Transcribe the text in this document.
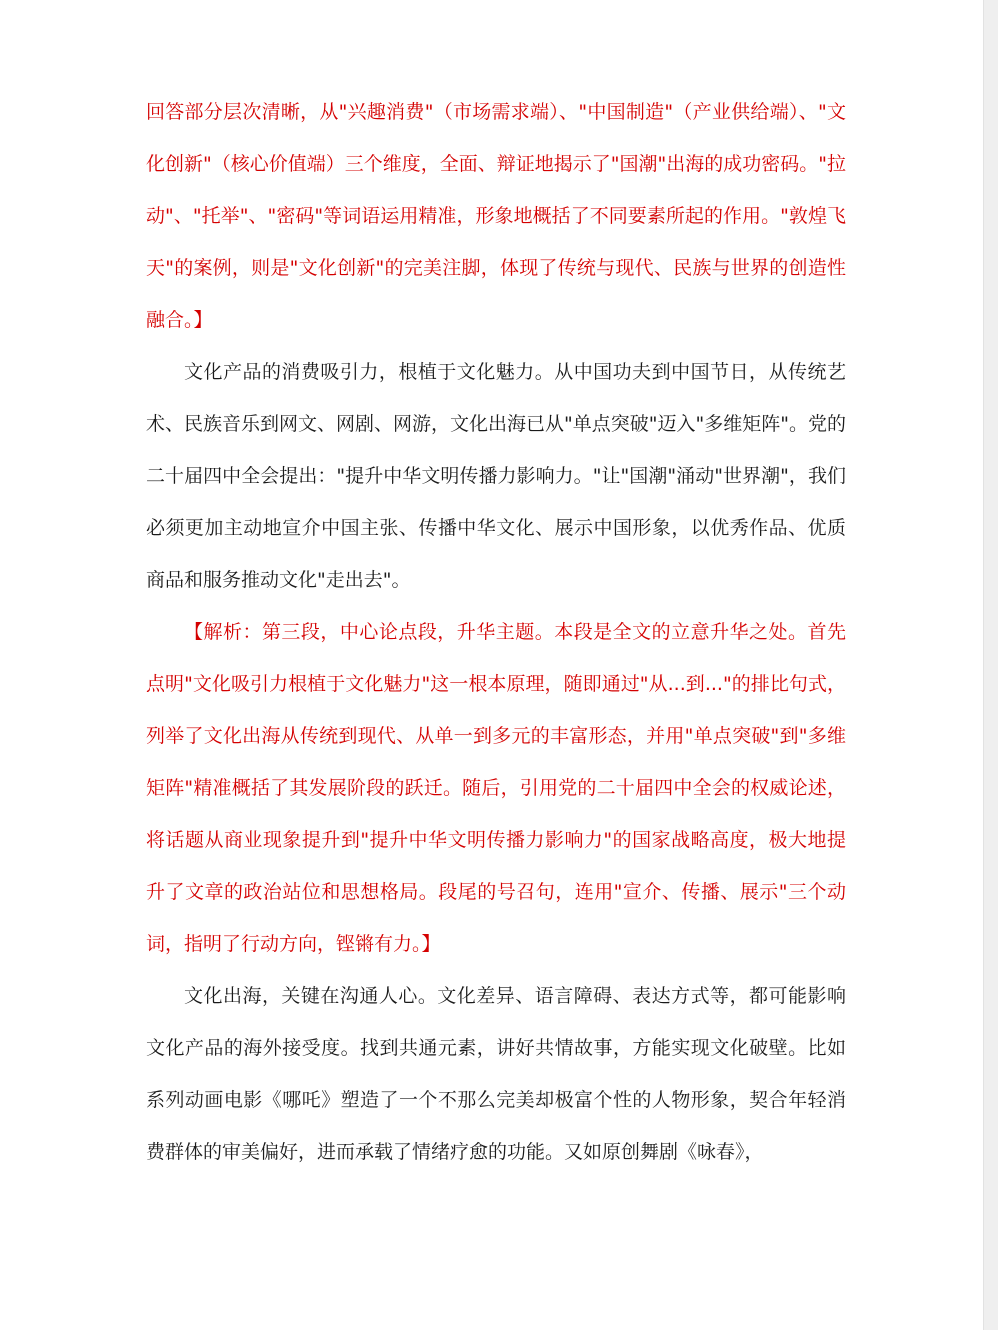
回答部分层次清晰，从"兴趣消费"（市场需求端）、"中国制造"（产业供给端）、"文化创新"（核心价值端）三个维度，全面、辩证地揭示了"国潮"出海的成功密码。"拉动"、"托举"、"密码"等词语运用精准，形象地概括了不同要素所起的作用。"敦煌飞天"的案例，则是"文化创新"的完美注脚，体现了传统与现代、民族与世界的创造性融合。】

文化产品的消费吸引力，根植于文化魅力。从中国功夫到中国节日，从传统艺术、民族音乐到网文、网剧、网游，文化出海已从"单点突破"迈入"多维矩阵"。党的二十届四中全会提出："提升中华文明传播力影响力。"让"国潮"涌动"世界潮"，我们必须更加主动地宣介中国主张、传播中华文化、展示中国形象，以优秀作品、优质商品和服务推动文化"走出去"。

【解析：第三段，中心论点段，升华主题。本段是全文的立意升华之处。首先点明"文化吸引力根植于文化魅力"这一根本原理，随即通过"从...到..."的排比句式，列举了文化出海从传统到现代、从单一到多元的丰富形态，并用"单点突破"到"多维矩阵"精准概括了其发展阶段的跃迁。随后，引用党的二十届四中全会的权威论述，将话题从商业现象提升到"提升中华文明传播力影响力"的国家战略高度，极大地提升了文章的政治站位和思想格局。段尾的号召句，连用"宣介、传播、展示"三个动词，指明了行动方向，铿锵有力。】

文化出海，关键在沟通人心。文化差异、语言障碍、表达方式等，都可能影响文化产品的海外接受度。找到共通元素，讲好共情故事，方能实现文化破壁。比如系列动画电影《哪吒》塑造了一个不那么完美却极富个性的人物形象，契合年轻消费群体的审美偏好，进而承载了情绪疗愈的功能。又如原创舞剧《咏春》，
